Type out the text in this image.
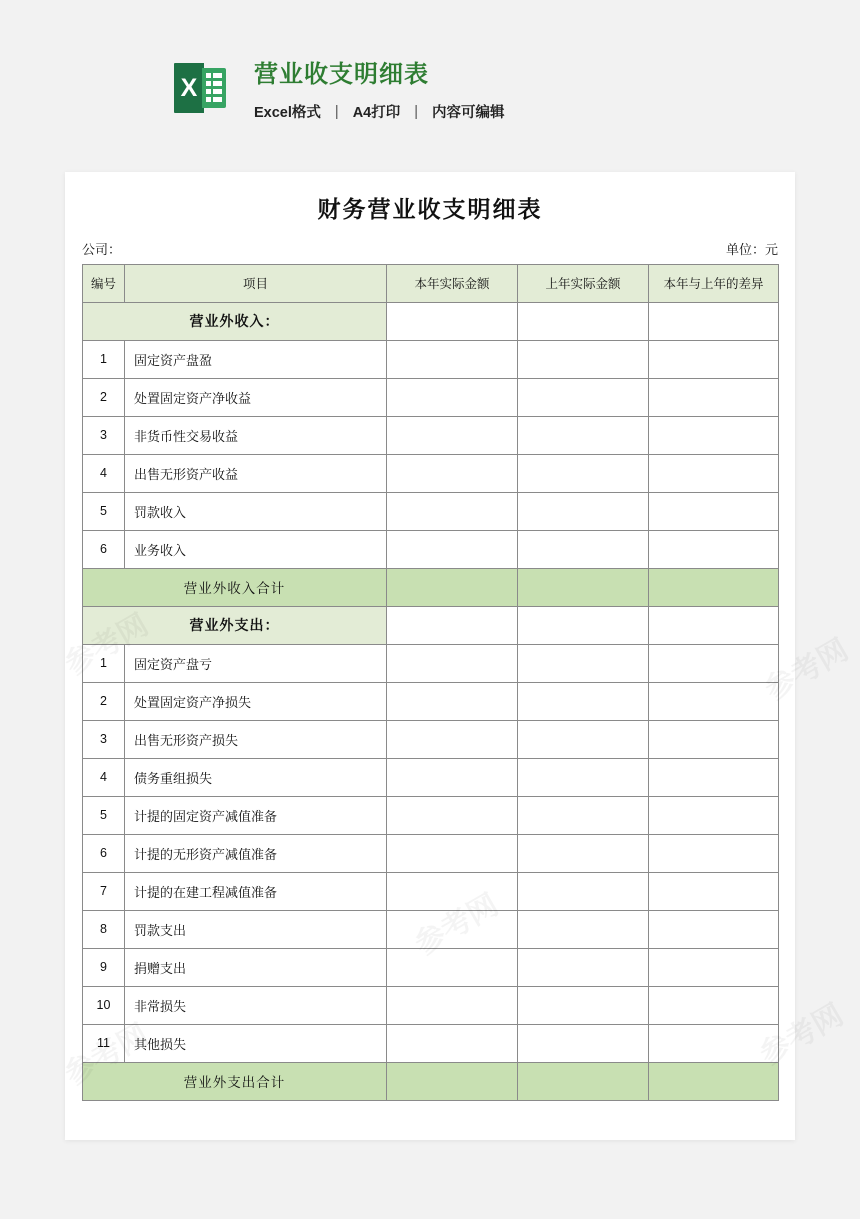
X 营业收支明细表
Excel格式 | A4打印 | 内容可编辑
财务营业收支明细表
公司：	单位：元
编号	项目	本年实际金额	上年实际金额	本年与上年的差异
营业外收入：				
1	固定资产盘盈			
2	处置固定资产净收益			
3	非货币性交易收益			
4	出售无形资产收益			
5	罚款收入			
6	业务收入			
营业外收入合计				
营业外支出：				
1	固定资产盘亏			
2	处置固定资产净损失			
3	出售无形资产损失			
4	债务重组损失			
5	计提的固定资产减值准备			
6	计提的无形资产减值准备			
7	计提的在建工程减值准备			
8	罚款支出			
9	捐赠支出			
10	非常损失			
11	其他损失			
营业外支出合计				
